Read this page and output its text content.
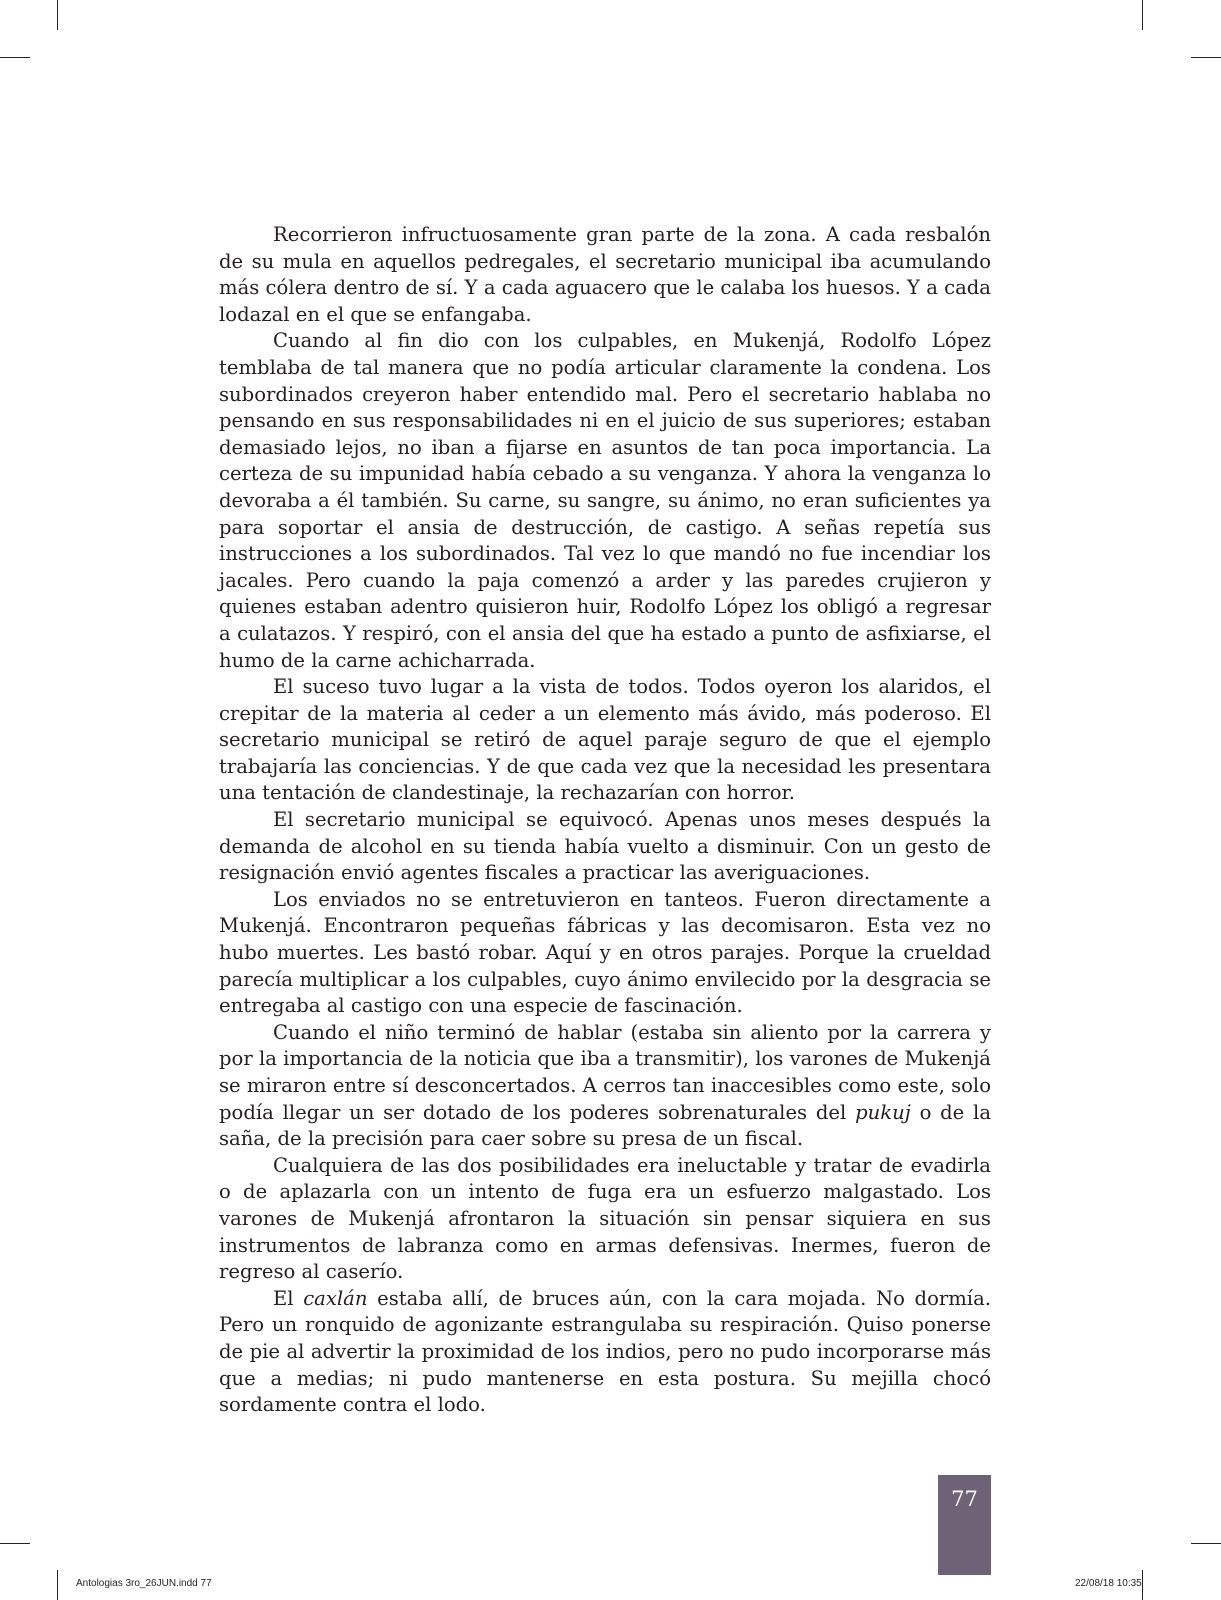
Recorrieron infructuosamente gran parte de la zona. A cada resbalón de su mula en aquellos pedregales, el secretario municipal iba acumulando más cólera dentro de sí. Y a cada aguacero que le calaba los huesos. Y a cada lodazal en el que se enfangaba.

Cuando al fin dio con los culpables, en Mukenjá, Rodolfo López temblaba de tal manera que no podía articular claramente la condena. Los subordinados creyeron haber entendido mal. Pero el secretario hablaba no pensando en sus responsabilidades ni en el juicio de sus superiores; estaban demasiado lejos, no iban a fijarse en asuntos de tan poca importancia. La certeza de su impunidad había cebado a su venganza. Y ahora la venganza lo devoraba a él también. Su carne, su sangre, su ánimo, no eran suficientes ya para soportar el ansia de destrucción, de castigo. A señas repetía sus instrucciones a los subordinados. Tal vez lo que mandó no fue incendiar los jacales. Pero cuando la paja comenzó a arder y las paredes crujieron y quienes estaban adentro quisieron huir, Rodolfo López los obligó a regresar a culatazos. Y respiró, con el ansia del que ha estado a punto de asfixiarse, el humo de la carne achicharrada.

El suceso tuvo lugar a la vista de todos. Todos oyeron los alaridos, el crepitar de la materia al ceder a un elemento más ávido, más poderoso. El secretario municipal se retiró de aquel paraje seguro de que el ejemplo trabajaría las conciencias. Y de que cada vez que la necesidad les presentara una tentación de clandestinaje, la rechazarían con horror.

El secretario municipal se equivocó. Apenas unos meses después la demanda de alcohol en su tienda había vuelto a disminuir. Con un gesto de resignación envió agentes fiscales a practicar las averiguaciones.

Los enviados no se entretuvieron en tanteos. Fueron directamente a Mukenjá. Encontraron pequeñas fábricas y las decomisaron. Esta vez no hubo muertes. Les bastó robar. Aquí y en otros parajes. Porque la crueldad parecía multiplicar a los culpables, cuyo ánimo envilecido por la desgracia se entregaba al castigo con una especie de fascinación.

Cuando el niño terminó de hablar (estaba sin aliento por la carrera y por la importancia de la noticia que iba a transmitir), los varones de Mukenjá se miraron entre sí desconcertados. A cerros tan inaccesibles como este, solo podía llegar un ser dotado de los poderes sobrenaturales del pukuj o de la saña, de la precisión para caer sobre su presa de un fiscal.

Cualquiera de las dos posibilidades era ineluctable y tratar de evadirla o de aplazarla con un intento de fuga era un esfuerzo malgastado. Los varones de Mukenjá afrontaron la situación sin pensar siquiera en sus instrumentos de labranza como en armas defensivas. Inermes, fueron de regreso al caserío.

El caxlán estaba allí, de bruces aún, con la cara mojada. No dormía. Pero un ronquido de agonizante estrangulaba su respiración. Quiso ponerse de pie al advertir la proximidad de los indios, pero no pudo incorporarse más que a medias; ni pudo mantenerse en esta postura. Su mejilla chocó sordamente contra el lodo.

77
Antologias 3ro_26JUN.indd 77	22/08/18 10:35
